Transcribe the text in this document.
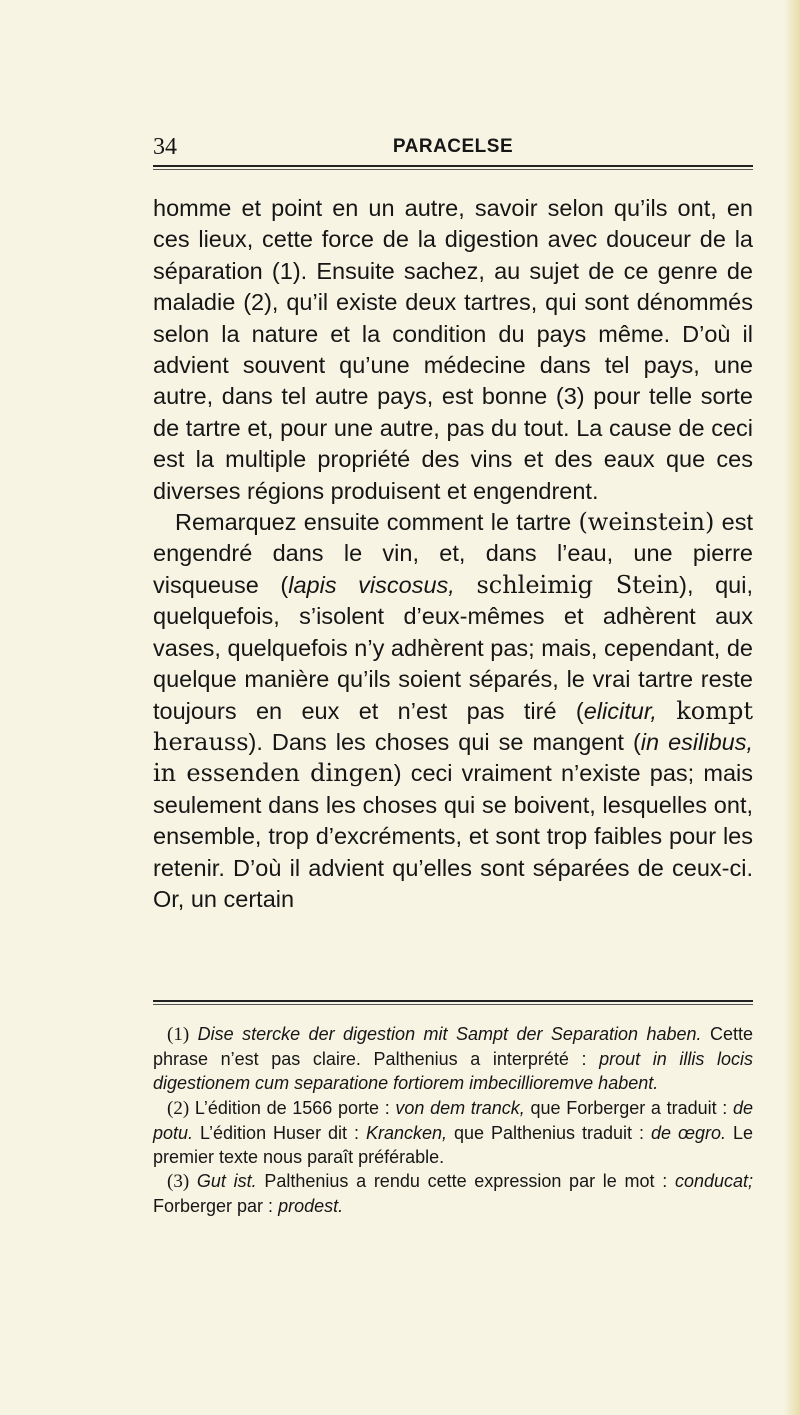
34	PARACELSE

homme et point en un autre, savoir selon qu’ils ont, en ces lieux, cette force de la digestion avec douceur de la séparation (1). Ensuite sachez, au sujet de ce genre de maladie (2), qu’il existe deux tartres, qui sont dénommés selon la nature et la condition du pays même. D’où il advient souvent qu’une médecine dans tel pays, une autre, dans tel autre pays, est bonne (3) pour telle sorte de tartre et, pour une autre, pas du tout. La cause de ceci est la multiple propriété des vins et des eaux que ces diverses régions produisent et engendrent.

Remarquez ensuite comment le tartre (weinstein) est engendré dans le vin, et, dans l’eau, une pierre visqueuse (lapis viscosus, schleimig Stein), qui, quelquefois, s’isolent d’eux-mêmes et adhèrent aux vases, quelquefois n’y adhèrent pas; mais, cependant, de quelque manière qu’ils soient séparés, le vrai tartre reste toujours en eux et n’est pas tiré (elicitur, kompt herauss). Dans les choses qui se mangent (in esilibus, in essenden dingen) ceci vraiment n’existe pas; mais seulement dans les choses qui se boivent, lesquelles ont, ensemble, trop d’excréments, et sont trop faibles pour les retenir. D’où il advient qu’elles sont séparées de ceux-ci. Or, un certain

(1) Dise stercke der digestion mit Sampt der Separation haben. Cette phrase n’est pas claire. Palthenius a interprété : prout in illis locis digestionem cum separatione fortiorem imbecillioremve habent.

(2) L’édition de 1566 porte : von dem tranck, que Forberger a traduit : de potu. L’édition Huser dit : Krancken, que Palthenius traduit : de œgro. Le premier texte nous paraît préférable.

(3) Gut ist. Palthenius a rendu cette expression par le mot : conducat; Forberger par : prodest.
